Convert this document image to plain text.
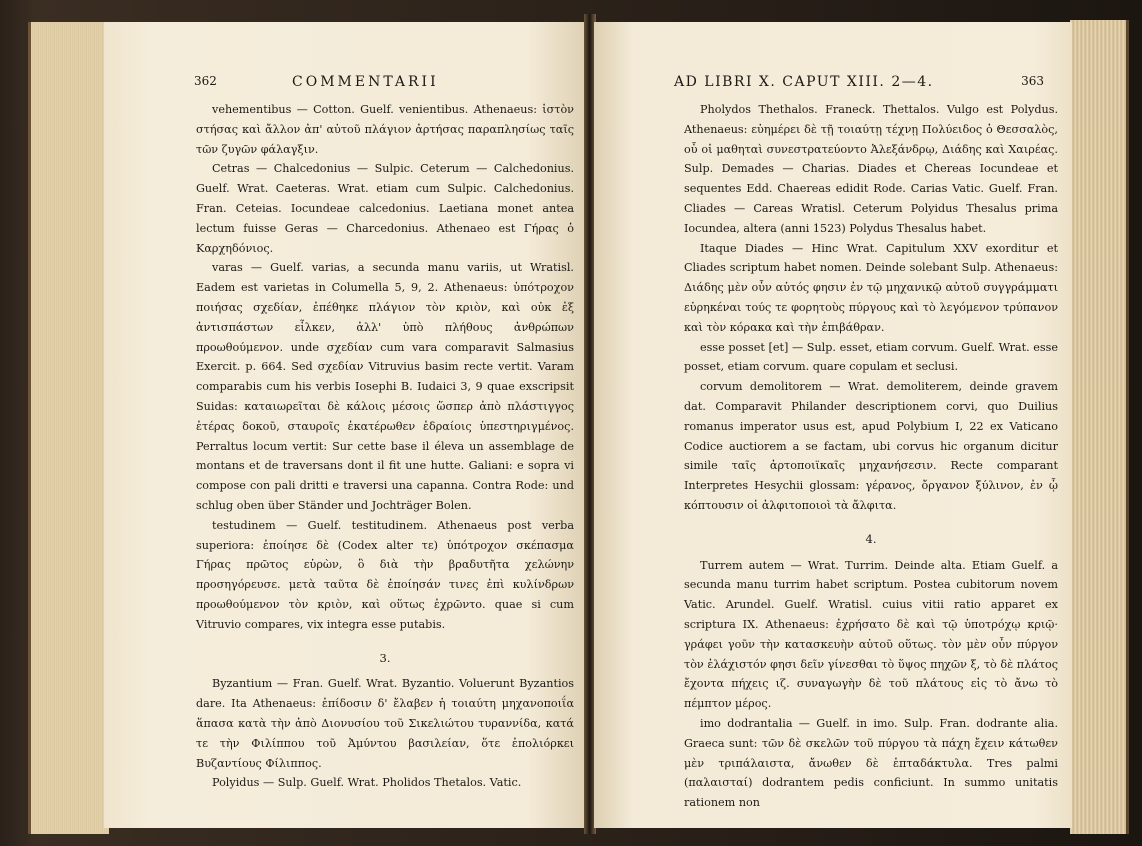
362	COMMENTARII

vehementibus — Cotton. Guelf. venientibus. Athenaeus: ἱστὸν στήσας καὶ ἄλλον ἀπ' αὐτοῦ πλάγιον ἀρτήσας παραπλησίως ταῖς τῶν ζυγῶν φάλαγξιν.

Cetras — Chalcedonius — Sulpic. Ceterum — Calchedonius. Guelf. Wrat. Caeteras. Wrat. etiam cum Sulpic. Calchedonius. Fran. Ceteias. Iocundeae calcedonius. Laetiana monet antea lectum fuisse Geras — Charcedonius. Athenaeo est Γήρας ὁ Καρχηδόνιος.

varas — Guelf. varias, a secunda manu variis, ut Wratisl. Eadem est varietas in Columella 5, 9, 2. Athenaeus: ὑπότροχον ποιήσας σχεδίαν, ἐπέθηκε πλάγιον τὸν κριὸν, καὶ οὐκ ἐξ ἀντισπάστων εἷλκεν, ἀλλ' ὑπὸ πλήθους ἀνθρώπων προωθούμενον. unde σχεδίαν cum vara comparavit Salmasius Exercit. p. 664. Sed σχεδίαν Vitruvius basim recte vertit. Varam comparabis cum his verbis Iosephi B. Iudaici 3, 9 quae exscripsit Suidas: καταιωρεῖται δὲ κάλοις μέσοις ὥσπερ ἀπὸ πλάστιγγος ἑτέρας δοκοῦ, σταυροῖς ἑκατέρωθεν ἑδραίοις ὑπεστηριγμένος. Perraltus locum vertit: Sur cette base il éleva un assemblage de montans et de traversans dont il fit une hutte. Galiani: e sopra vi compose con pali dritti e traversi una capanna. Contra Rode: und schlug oben über Ständer und Jochträger Bolen.

testudinem — Guelf. testitudinem. Athenaeus post verba superiora: ἐποίησε δὲ (Codex alter τε) ὑπότροχον σκέπασμα Γήρας πρῶτος εὑρὼν, ὃ διὰ τὴν βραδυτῆτα χελώνην προσηγόρευσε. μετὰ ταῦτα δὲ ἐποίησάν τινες ἐπὶ κυλίνδρων προωθούμενον τὸν κριὸν, καὶ οὕτως ἐχρῶντο. quae si cum Vitruvio compares, vix integra esse putabis.

3.

Byzantium — Fran. Guelf. Wrat. Byzantio. Voluerunt Byzantios dare. Ita Athenaeus: ἐπίδοσιν δ' ἔλαβεν ἡ τοιαύτη μηχανοποιΐα ἅπασα κατὰ τὴν ἀπὸ Διονυσίου τοῦ Σικελιώτου τυραννίδα, κατά τε τὴν Φιλίππου τοῦ Ἀμύντου βασιλείαν, ὅτε ἐπολιόρκει Βυζαντίους Φίλιππος.

Polyidus — Sulp. Guelf. Wrat. Pholidos Thetalos. Vatic.

AD LIBRI X. CAPUT XIII. 2—4.	363

Pholydos Thethalos. Franeck. Thettalos. Vulgo est Polydus. Athenaeus: εὐημέρει δὲ τῇ τοιαύτῃ τέχνῃ Πολύειδος ὁ Θεσσαλὸς, οὗ οἱ μαθηταὶ συνεστρατεύοντο Ἀλεξάνδρῳ, Διάδης καὶ Χαιρέας. Sulp. Demades — Charias. Diades et Chereas Iocundeae et sequentes Edd. Chaereas edidit Rode. Carias Vatic. Guelf. Fran. Cliades — Careas Wratisl. Ceterum Polyidus Thesalus prima Iocundea, altera (anni 1523) Polydus Thesalus habet.

Itaque Diades — Hinc Wrat. Capitulum XXV exorditur et Cliades scriptum habet nomen. Deinde solebant Sulp. Athenaeus: Διάδης μὲν οὖν αὐτός φησιν ἐν τῷ μηχανικῷ αὐτοῦ συγγράμματι εὑρηκέναι τούς τε φορητοὺς πύργους καὶ τὸ λεγόμενον τρύπανον καὶ τὸν κόρακα καὶ τὴν ἐπιβάθραν.

esse posset [et] — Sulp. esset, etiam corvum. Guelf. Wrat. esse posset, etiam corvum. quare copulam et seclusi.

corvum demolitorem — Wrat. demoliterem, deinde gravem dat. Comparavit Philander descriptionem corvi, quo Duilius romanus imperator usus est, apud Polybium I, 22 ex Vaticano Codice auctiorem a se factam, ubi corvus hic organum dicitur simile ταῖς ἀρτοποιϊκαῖς μηχανήσεσιν. Recte comparant Interpretes Hesychii glossam: γέρανος, ὄργανον ξύλινον, ἐν ᾧ κόπτουσιν οἱ ἀλφιτοποιοὶ τὰ ἄλφιτα.

4.

Turrem autem — Wrat. Turrim. Deinde alta. Etiam Guelf. a secunda manu turrim habet scriptum. Postea cubitorum novem Vatic. Arundel. Guelf. Wratisl. cuius vitii ratio apparet ex scriptura IX. Athenaeus: ἐχρήσατο δὲ καὶ τῷ ὑποτρόχῳ κριῷ· γράφει γοῦν τὴν κατασκευὴν αὐτοῦ οὕτως. τὸν μὲν οὖν πύργον τὸν ἐλάχιστόν φησι δεῖν γίνεσθαι τὸ ὕψος πηχῶν ξ, τὸ δὲ πλάτος ἔχοντα πήχεις ιζ. συναγωγὴν δὲ τοῦ πλάτους εἰς τὸ ἄνω τὸ πέμπτον μέρος.

imo dodrantalia — Guelf. in imo. Sulp. Fran. dodrante alia. Graeca sunt: τῶν δὲ σκελῶν τοῦ πύργου τὰ πάχη ἔχειν κάτωθεν μὲν τριπάλαιστα, ἄνωθεν δὲ ἑπταδάκτυλα. Tres palmi (παλαισταί) dodrantem pedis conficiunt. In summo unitatis rationem non
